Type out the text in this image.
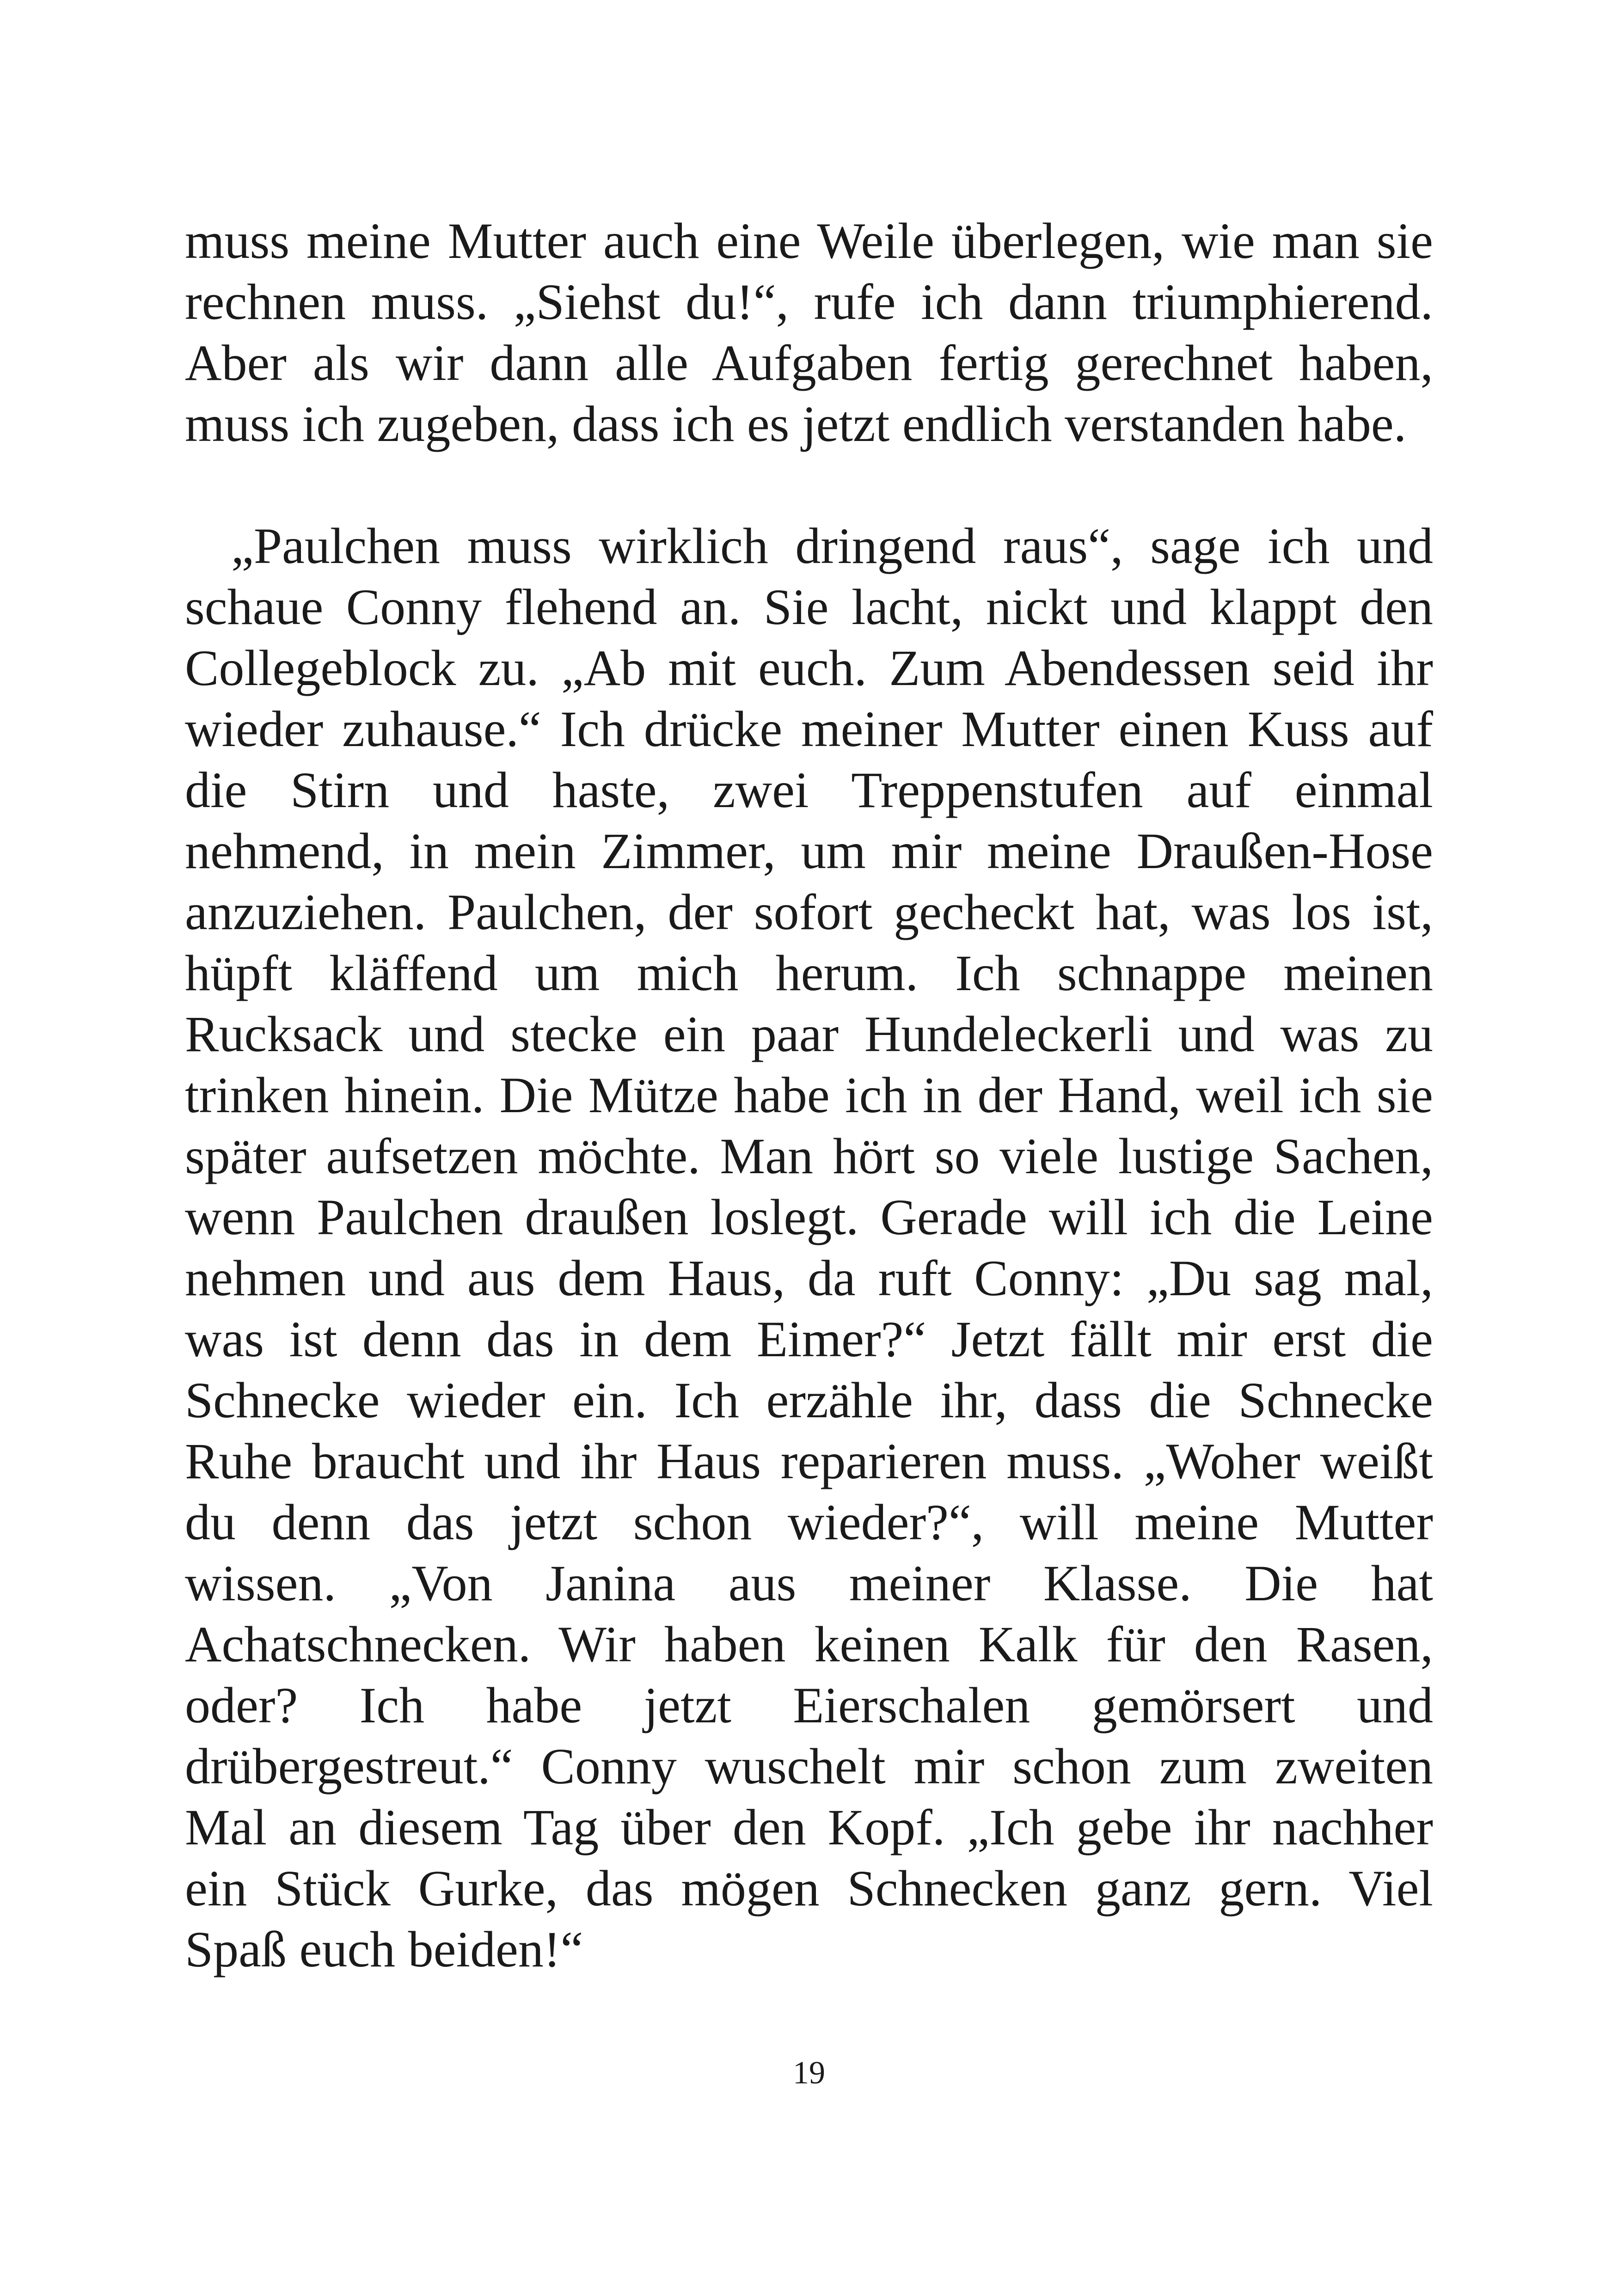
muss meine Mutter auch eine Weile überlegen, wie man sie
rechnen muss. „Siehst du!“, rufe ich dann triumphierend.
Aber als wir dann alle Aufgaben fertig gerechnet haben,
muss ich zugeben, dass ich es jetzt endlich verstanden habe.
„Paulchen muss wirklich dringend raus“, sage ich und
schaue Conny flehend an. Sie lacht, nickt und klappt den
Collegeblock zu. „Ab mit euch. Zum Abendessen seid ihr
wieder zuhause.“ Ich drücke meiner Mutter einen Kuss auf
die Stirn und haste, zwei Treppenstufen auf einmal
nehmend, in mein Zimmer, um mir meine Draußen-Hose
anzuziehen. Paulchen, der sofort gecheckt hat, was los ist,
hüpft kläffend um mich herum. Ich schnappe meinen
Rucksack und stecke ein paar Hundeleckerli und was zu
trinken hinein. Die Mütze habe ich in der Hand, weil ich sie
später aufsetzen möchte. Man hört so viele lustige Sachen,
wenn Paulchen draußen loslegt. Gerade will ich die Leine
nehmen und aus dem Haus, da ruft Conny: „Du sag mal,
was ist denn das in dem Eimer?“ Jetzt fällt mir erst die
Schnecke wieder ein. Ich erzähle ihr, dass die Schnecke
Ruhe braucht und ihr Haus reparieren muss. „Woher weißt
du denn das jetzt schon wieder?“, will meine Mutter
wissen. „Von Janina aus meiner Klasse. Die hat
Achatschnecken. Wir haben keinen Kalk für den Rasen,
oder? Ich habe jetzt Eierschalen gemörsert und
drübergestreut.“ Conny wuschelt mir schon zum zweiten
Mal an diesem Tag über den Kopf. „Ich gebe ihr nachher
ein Stück Gurke, das mögen Schnecken ganz gern. Viel
Spaß euch beiden!“
19
